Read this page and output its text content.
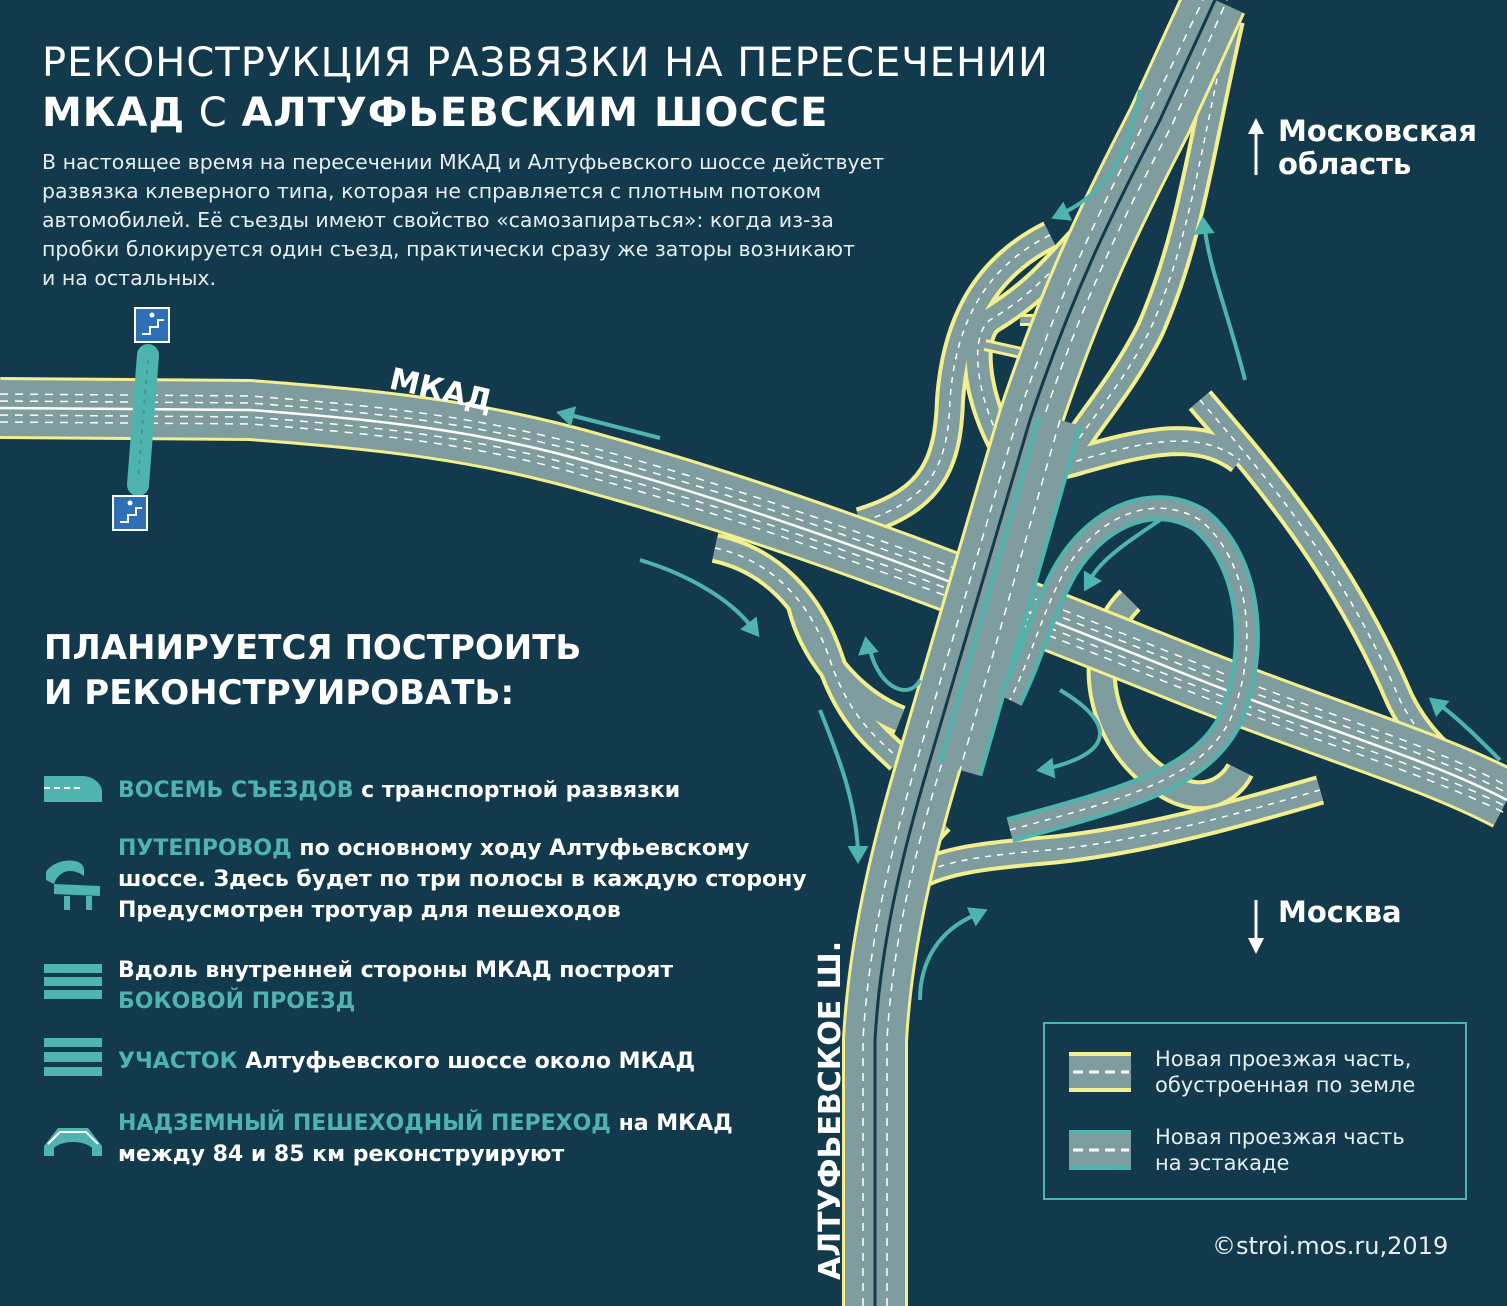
МКАД
АЛТУФЬЕВСКОЕ Ш.
РЕКОНСТРУКЦИЯ РАЗВЯЗКИ НА ПЕРЕСЕЧЕНИИ
МКАД С АЛТУФЬЕВСКИМ ШОССЕ
В настоящее время на пересечении МКАД и Алтуфьевского шоссе действует
развязка клеверного типа, которая не справляется с плотным потоком
автомобилей. Её съезды имеют свойство «самозапираться»: когда из-за
пробки блокируется один съезд, практически сразу же заторы возникают
и на остальных.
ПЛАНИРУЕТСЯ ПОСТРОИТЬ
И РЕКОНСТРУИРОВАТЬ:
ВОСЕМЬ СЪЕЗДОВ с транспортной развязки
ПУТЕПРОВОД по основному ходу Алтуфьевскому
шоссе. Здесь будет по три полосы в каждую сторону
Предусмотрен тротуар для пешеходов
Вдоль внутренней стороны МКАД построят
БОКОВОЙ ПРОЕЗД
УЧАСТОК Алтуфьевского шоссе около МКАД
НАДЗЕМНЫЙ ПЕШЕХОДНЫЙ ПЕРЕХОД на МКАД
между 84 и 85 км реконструируют
Московская
область
Москва
Новая проезжая часть,
обустроенная по земле
Новая проезжая часть
на эстакаде
©stroi.mos.ru,2019
